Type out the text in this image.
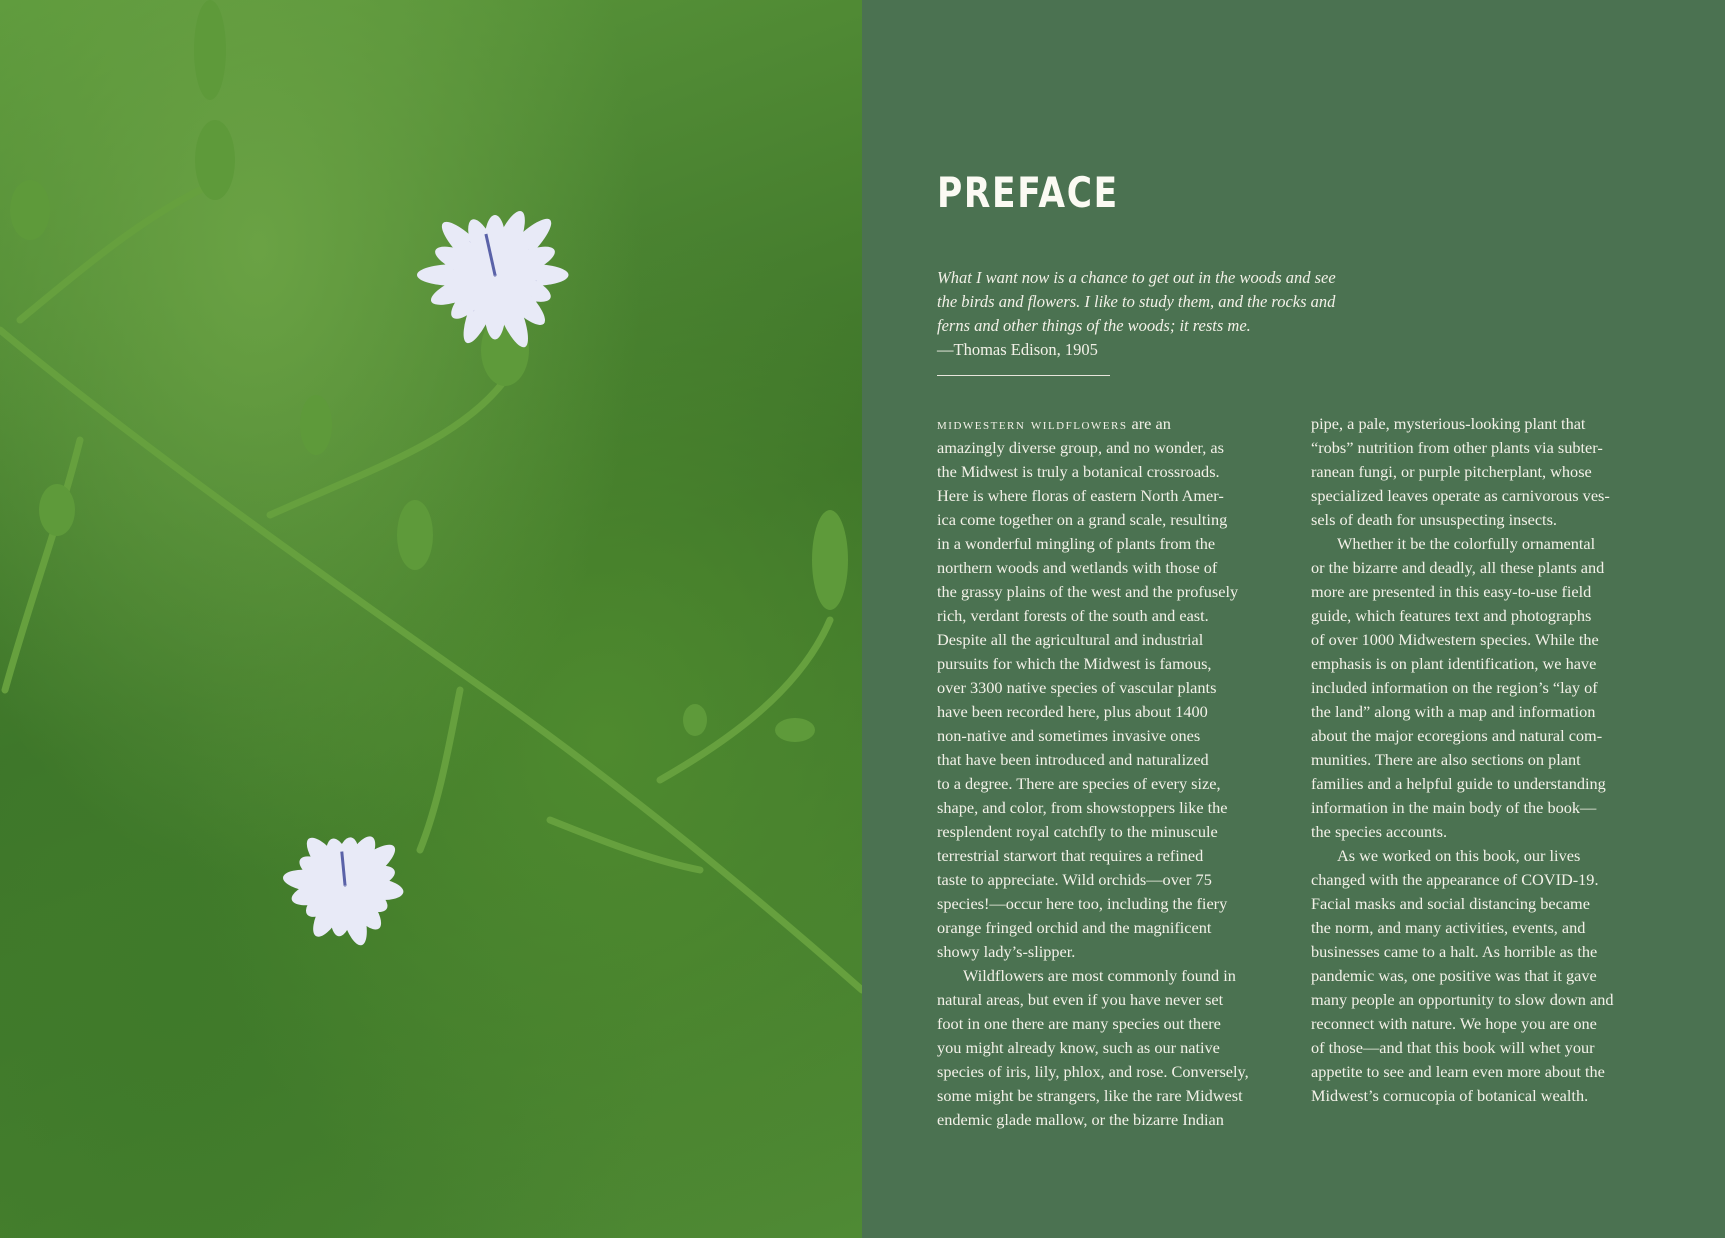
PREFACE
What I want now is a chance to get out in the woods and see
the birds and flowers. I like to study them, and the rocks and
ferns and other things of the woods; it rests me.
—Thomas Edison, 1905
midwestern wildflowers are an
amazingly diverse group, and no wonder, as
the Midwest is truly a botanical crossroads.
Here is where floras of eastern North Amer-
ica come together on a grand scale, resulting
in a wonderful mingling of plants from the
northern woods and wetlands with those of
the grassy plains of the west and the profusely
rich, verdant forests of the south and east.
Despite all the agricultural and industrial
pursuits for which the Midwest is famous,
over 3300 native species of vascular plants
have been recorded here, plus about 1400
non-native and sometimes invasive ones
that have been introduced and naturalized
to a degree. There are species of every size,
shape, and color, from showstoppers like the
resplendent royal catchfly to the minuscule
terrestrial starwort that requires a refined
taste to appreciate. Wild orchids—over 75
species!—occur here too, including the fiery
orange fringed orchid and the magnificent
showy lady’s-slipper.
Wildflowers are most commonly found in
natural areas, but even if you have never set
foot in one there are many species out there
you might already know, such as our native
species of iris, lily, phlox, and rose. Conversely,
some might be strangers, like the rare Midwest
endemic glade mallow, or the bizarre Indian
pipe, a pale, mysterious-looking plant that
“robs” nutrition from other plants via subter-
ranean fungi, or purple pitcherplant, whose
specialized leaves operate as carnivorous ves-
sels of death for unsuspecting insects.
Whether it be the colorfully ornamental
or the bizarre and deadly, all these plants and
more are presented in this easy-to-use field
guide, which features text and photographs
of over 1000 Midwestern species. While the
emphasis is on plant identification, we have
included information on the region’s “lay of
the land” along with a map and information
about the major ecoregions and natural com-
munities. There are also sections on plant
families and a helpful guide to understanding
information in the main body of the book—
the species accounts.
As we worked on this book, our lives
changed with the appearance of COVID-19.
Facial masks and social distancing became
the norm, and many activities, events, and
businesses came to a halt. As horrible as the
pandemic was, one positive was that it gave
many people an opportunity to slow down and
reconnect with nature. We hope you are one
of those—and that this book will whet your
appetite to see and learn even more about the
Midwest’s cornucopia of botanical wealth.
